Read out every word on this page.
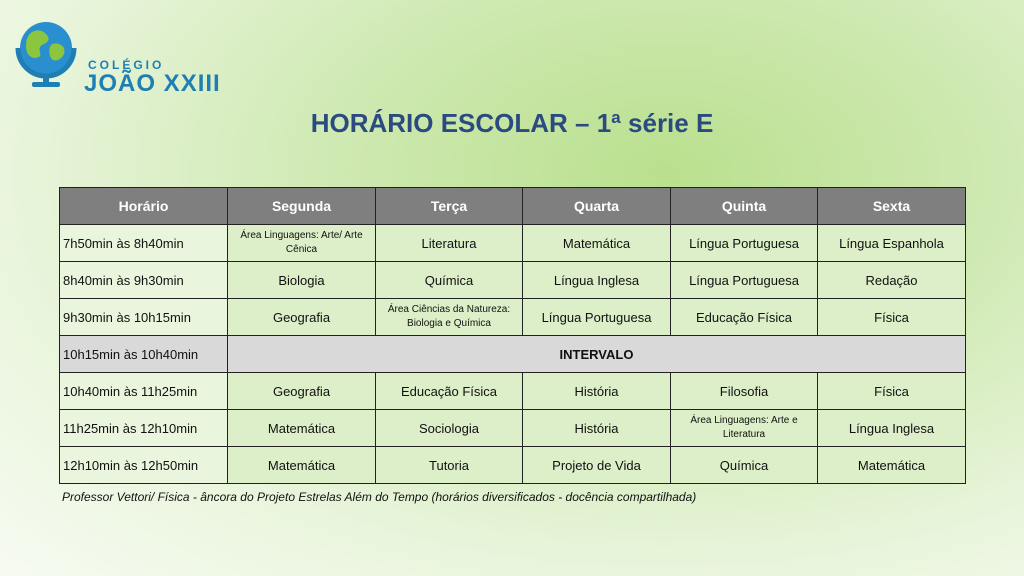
COLÉGIO
JOÃO XXIII
HORÁRIO ESCOLAR – 1ª série E
Horário	Segunda	Terça	Quarta	Quinta	Sexta
7h50min às 8h40min	Área Linguagens: Arte/ Arte Cênica	Literatura	Matemática	Língua Portuguesa	Língua Espanhola
8h40min às 9h30min	Biologia	Química	Língua Inglesa	Língua Portuguesa	Redação
9h30min às 10h15min	Geografia	Área Ciências da Natureza: Biologia e Química	Língua Portuguesa	Educação Física	Física
10h15min às 10h40min	INTERVALO				
10h40min às 11h25min	Geografia	Educação Física	História	Filosofia	Física
11h25min às 12h10min	Matemática	Sociologia	História	Área Linguagens: Arte e Literatura	Língua Inglesa
12h10min às 12h50min	Matemática	Tutoria	Projeto de Vida	Química	Matemática
Professor Vettori/ Física - âncora do Projeto Estrelas Além do Tempo (horários diversificados - docência compartilhada)
